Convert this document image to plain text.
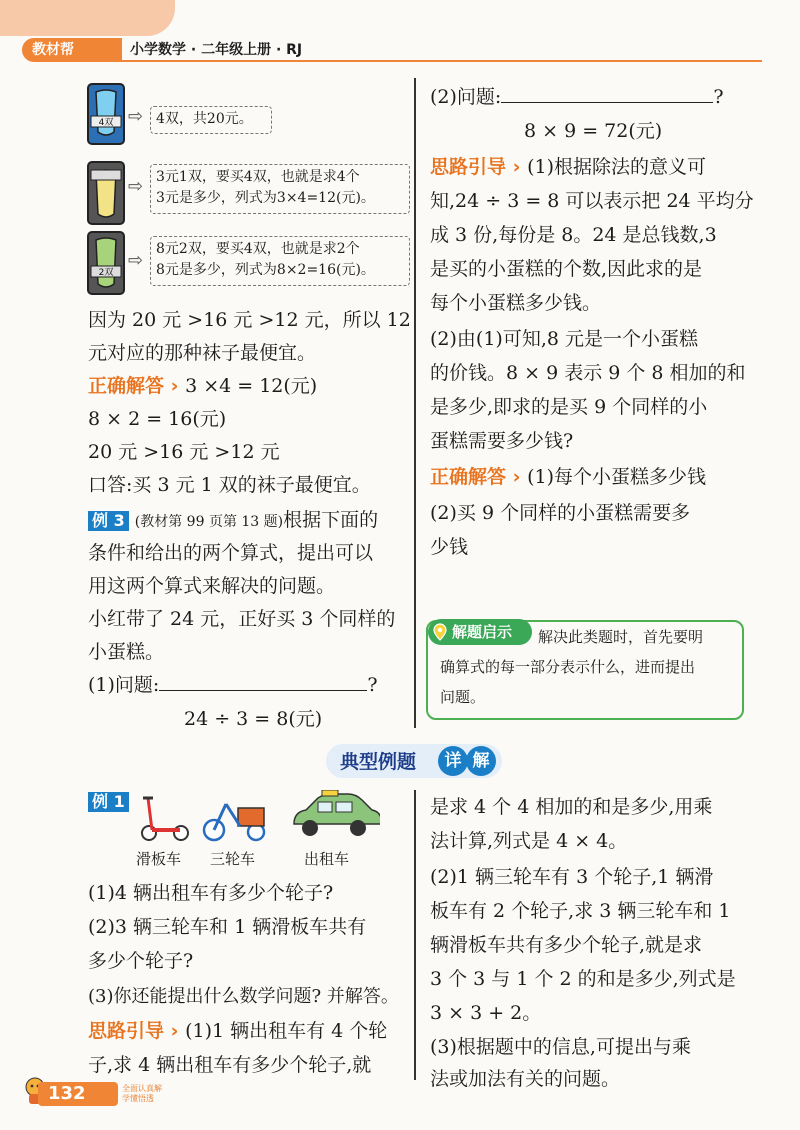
教材帮	小学数学 · 二年级上册 · RJ
4双 ⇨ 4双，共20元。
⇨ 3元1双，要买4双，也就是求4个
3元是多少，列式为3×4=12(元)。
2双
⇨
8元2双，要买4双，也就是求2个
8元是多少，列式为8×2=16(元)。
因为 20 元 >16 元 >12 元，所以 12
元对应的那种袜子最便宜。
正确解答 › 3 ×4 = 12(元)
8 × 2 = 16(元)
20 元 >16 元 >12 元
口答:买 3 元 1 双的袜子最便宜。
例 3 (教材第 99 页第 13 题)根据下面的
条件和给出的两个算式，提出可以
用这两个算式来解决的问题。
小红带了 24 元，正好买 3 个同样的
小蛋糕。
(1)问题:	?
24 ÷ 3 = 8(元)
(2)问题:	?
8 × 9 = 72(元)
思路引导 › (1)根据除法的意义可
知,24 ÷ 3 = 8 可以表示把 24 平均分
成 3 份,每份是 8。24 是总钱数,3
是买的小蛋糕的个数,因此求的是
每个小蛋糕多少钱。
(2)由(1)可知,8 元是一个小蛋糕
的价钱。8 × 9 表示 9 个 8 相加的和
是多少,即求的是买 9 个同样的小
蛋糕需要多少钱?
正确解答 › (1)每个小蛋糕多少钱
(2)买 9 个同样的小蛋糕需要多
少钱
解题启示	解决此类题时，首先要明
确算式的每一部分表示什么，进而提出
问题。
典型例题	详 解
例 1
滑板车 三轮车	出租车
(1)4 辆出租车有多少个轮子?
(2)3 辆三轮车和 1 辆滑板车共有
多少个轮子?
(3)你还能提出什么数学问题? 并解答。
思路引导 › (1)1 辆出租车有 4 个轮
子,求 4 辆出租车有多少个轮子,就
是求 4 个 4 相加的和是多少,用乘
法计算,列式是 4 × 4。
(2)1 辆三轮车有 3 个轮子,1 辆滑
板车有 2 个轮子,求 3 辆三轮车和 1
辆滑板车共有多少个轮子,就是求
3 个 3 与 1 个 2 的和是多少,列式是
3 × 3 + 2。
(3)根据题中的信息,可提出与乘
法或加法有关的问题。
132	全面认真解
学懂悟透
